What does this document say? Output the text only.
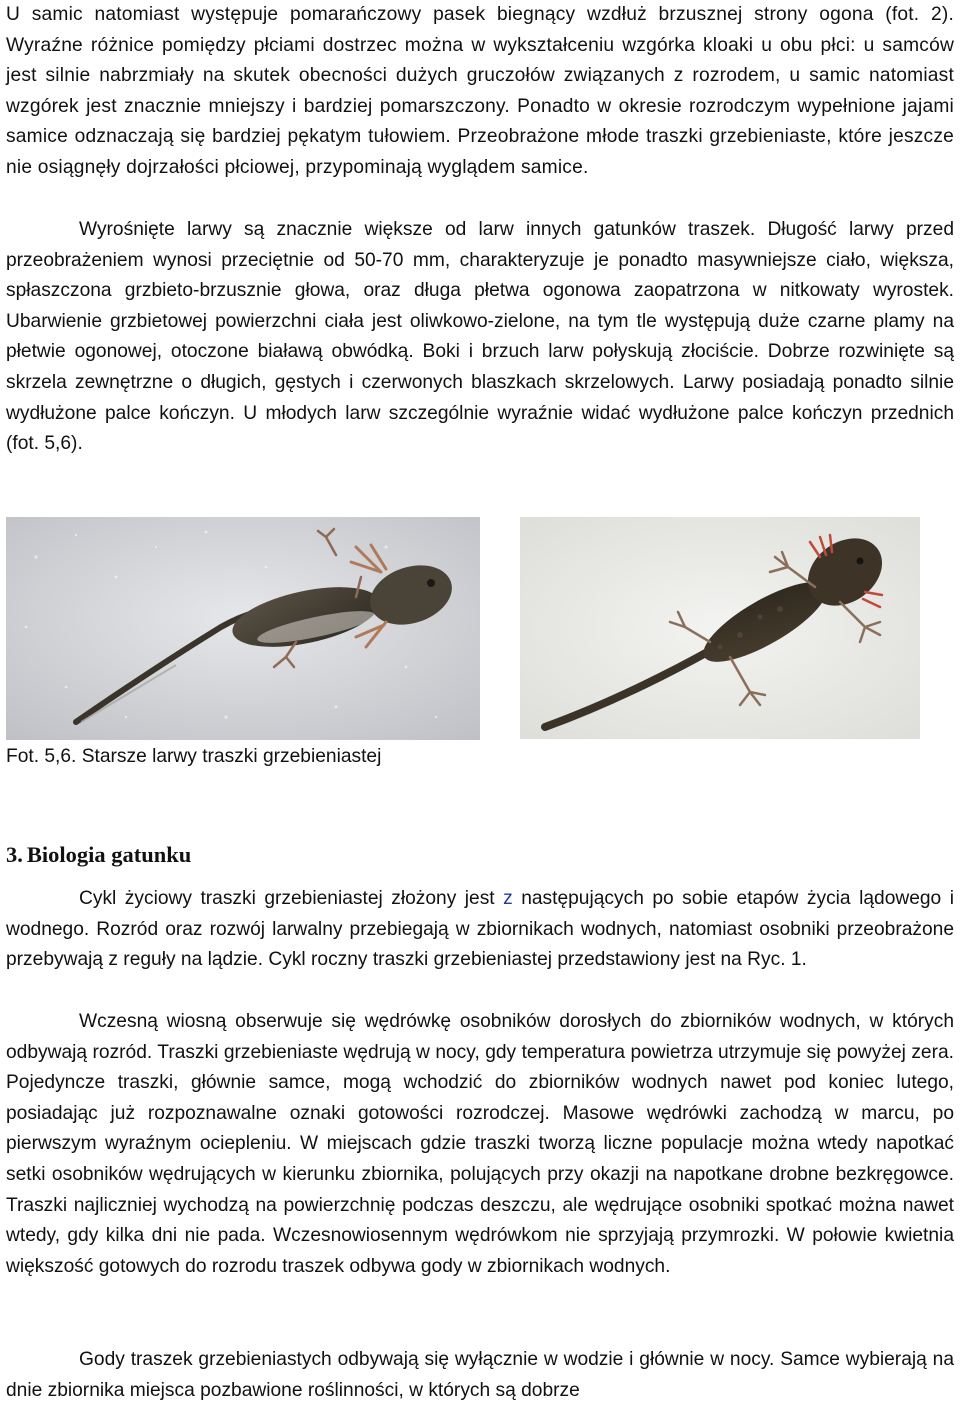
U samic natomiast występuje pomarańczowy pasek biegnący wzdłuż brzusznej strony ogona (fot. 2). Wyraźne różnice pomiędzy płciami dostrzec można w wykształceniu wzgórka kloaki u obu płci: u samców jest silnie nabrzmiały na skutek obecności dużych gruczołów związanych z rozrodem, u samic natomiast wzgórek jest znacznie mniejszy i bardziej pomarszczony. Ponadto w okresie rozrodczym wypełnione jajami samice odznaczają się bardziej pękatym tułowiem. Przeobrażone młode traszki grzebieniaste, które jeszcze nie osiągnęły dojrzałości płciowej, przypominają wyglądem samice.

Wyrośnięte larwy są znacznie większe od larw innych gatunków traszek. Długość larwy przed przeobrażeniem wynosi przeciętnie od 50-70 mm, charakteryzuje je ponadto masywniejsze ciało, większa, spłaszczona grzbieto-brzusznie głowa, oraz długa płetwa ogonowa zaopatrzona w nitkowaty wyrostek. Ubarwienie grzbietowej powierzchni ciała jest oliwkowo-zielone, na tym tle występują duże czarne plamy na płetwie ogonowej, otoczone białawą obwódką. Boki i brzuch larw połyskują złociście. Dobrze rozwinięte są skrzela zewnętrzne o długich, gęstych i czerwonych blaszkach skrzelowych. Larwy posiadają ponadto silnie wydłużone palce kończyn. U młodych larw szczególnie wyraźnie widać wydłużone palce kończyn przednich (fot. 5,6).

Fot. 5,6. Starsze larwy traszki grzebieniastej

3. Biologia gatunku

Cykl życiowy traszki grzebieniastej złożony jest z następujących po sobie etapów życia lądowego i wodnego. Rozród oraz rozwój larwalny przebiegają w zbiornikach wodnych, natomiast osobniki przeobrażone przebywają z reguły na lądzie. Cykl roczny traszki grzebieniastej przedstawiony jest na Ryc. 1.

Wczesną wiosną obserwuje się wędrówkę osobników dorosłych do zbiorników wodnych, w których odbywają rozród. Traszki grzebieniaste wędrują w nocy, gdy temperatura powietrza utrzymuje się powyżej zera. Pojedyncze traszki, głównie samce, mogą wchodzić do zbiorników wodnych nawet pod koniec lutego, posiadając już rozpoznawalne oznaki gotowości rozrodczej. Masowe wędrówki zachodzą w marcu, po pierwszym wyraźnym ociepleniu. W miejscach gdzie traszki tworzą liczne populacje można wtedy napotkać setki osobników wędrujących w kierunku zbiornika, polujących przy okazji na napotkane drobne bezkręgowce. Traszki najliczniej wychodzą na powierzchnię podczas deszczu, ale wędrujące osobniki spotkać można nawet wtedy, gdy kilka dni nie pada. Wczesnowiosennym wędrówkom nie sprzyjają przymrozki. W połowie kwietnia większość gotowych do rozrodu traszek odbywa gody w zbiornikach wodnych.

Gody traszek grzebieniastych odbywają się wyłącznie w wodzie i głównie w nocy. Samce wybierają na dnie zbiornika miejsca pozbawione roślinności, w których są dobrze
